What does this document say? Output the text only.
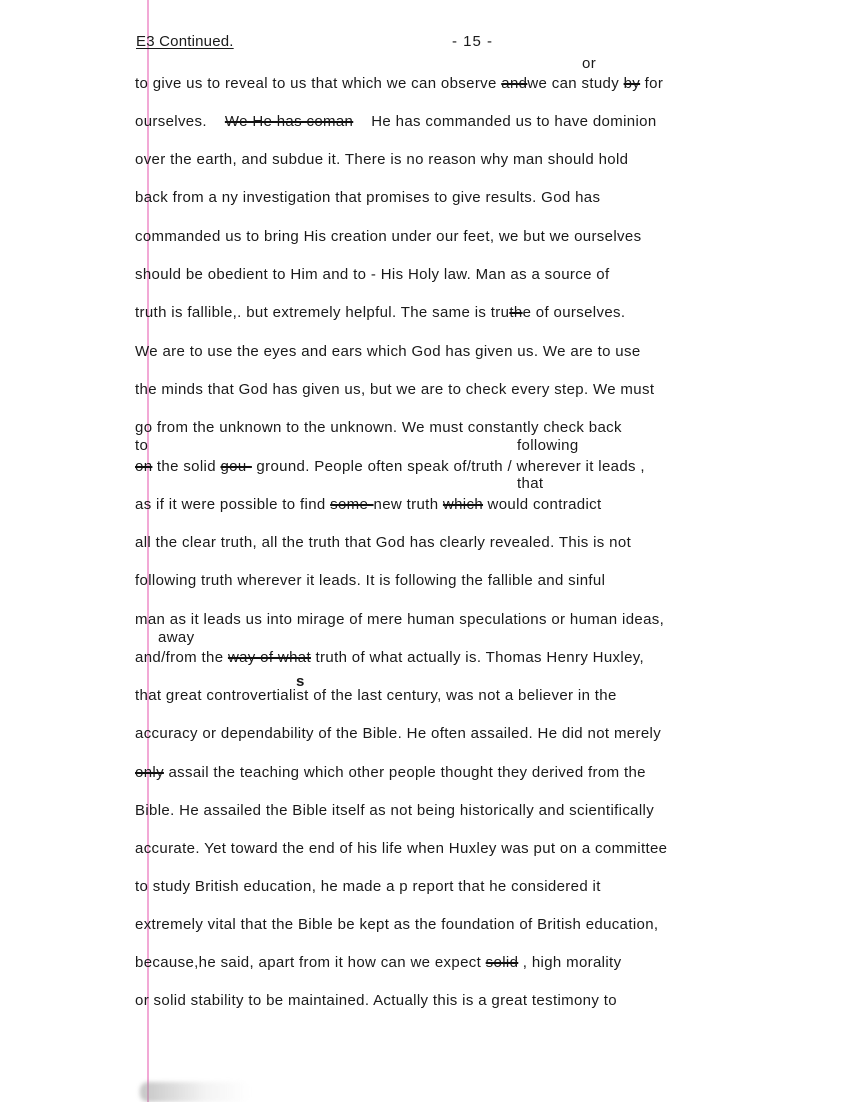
E3 Continued.	- 15 -
or
to	following
that
away
s
to give us to reveal to us that which we can observe andwe can study by for
ourselves. We He has coman He has commanded us to have dominion
over the earth, and subdue it. There is no reason why man should hold
back from a ny investigation that promises to give results. God has
commanded us to bring His creation under our feet, we but we ourselves
should be obedient to Him and to - His Holy law. Man as a source of
truth is fallible,. but extremely helpful. The same is truthe of ourselves.
We are to use the eyes and ears which God has given us. We are to use
the minds that God has given us, but we are to check every step. We must
go from the unknown to the unknown. We must constantly check back
on the solid gou- ground. People often speak of/truth / wherever it leads ,
as if it were possible to find some-new truth which would contradict
all the clear truth, all the truth that God has clearly revealed. This is not
following truth wherever it leads. It is following the fallible and sinful
man as it leads us into mirage of mere human speculations or human ideas,
and/from the way of what truth of what actually is. Thomas Henry Huxley,
that great controvertialist of the last century, was not a believer in the
accuracy or dependability of the Bible. He often assailed. He did not merely
only assail the teaching which other people thought they derived from the
Bible. He assailed the Bible itself as not being historically and scientifically
accurate. Yet toward the end of his life when Huxley was put on a committee
to study British education, he made a p report that he considered it
extremely vital that the Bible be kept as the foundation of British education,
because,he said, apart from it how can we expect solid , high morality
or solid stability to be maintained. Actually this is a great testimony to
